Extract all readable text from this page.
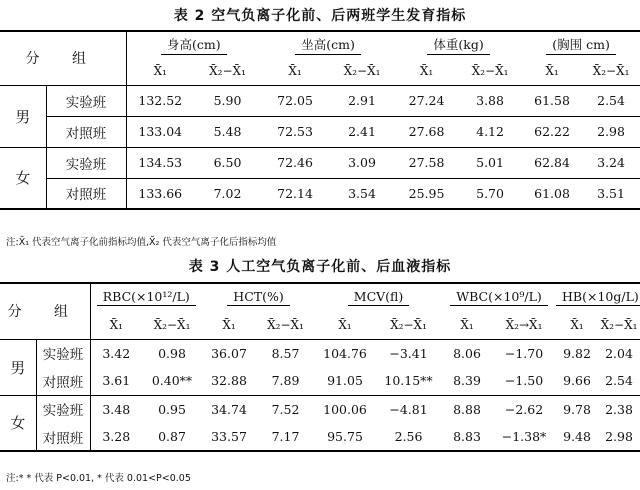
表 2 空气负离子化前、后两班学生发育指标
分 组		身高(cm)		坐高(cm)		体重(kg)		(胸围 cm)	
		X̄₁	X̄₂−X̄₁	X̄₁	X̄₂−X̄₁	X̄₁	X̄₂−X̄₁	X̄₁	X̄₂−X̄₁
男	实验班	132.52	5.90	72.05	2.91	27.24	3.88	61.58	2.54
	对照班	133.04	5.48	72.53	2.41	27.68	4.12	62.22	2.98
女	实验班	134.53	6.50	72.46	3.09	27.58	5.01	62.84	3.24
	对照班	133.66	7.02	72.14	3.54	25.95	5.70	61.08	3.51
注:X̄₁ 代表空气离子化前指标均值,X̄₂ 代表空气离子化后指标均值
表 3 人工空气负离子化前、后血液指标
分 组		RBC(×10¹²/L)		HCT(%)		MCV(fl)		WBC(×10⁹/L)		HB(×10g/L)	
		X̄₁	X̄₂−X̄₁	X̄₁	X̄₂−X̄₁	X̄₁	X̄₂−X̄₁	X̄₁	X̄₂→X̄₁	X̄₁	X̄₂−X̄₁
男	实验班	3.42	0.98	36.07	8.57	104.76	−3.41	8.06	−1.70	9.82	2.04
	对照班	3.61	0.40**	32.88	7.89	91.05	10.15**	8.39	−1.50	9.66	2.54
女	实验班	3.48	0.95	34.74	7.52	100.06	−4.81	8.88	−2.62	9.78	2.38
	对照班	3.28	0.87	33.57	7.17	95.75	2.56	8.83	−1.38*	9.48	2.98
注:* * 代表 P<0.01, * 代表 0.01<P<0.05
